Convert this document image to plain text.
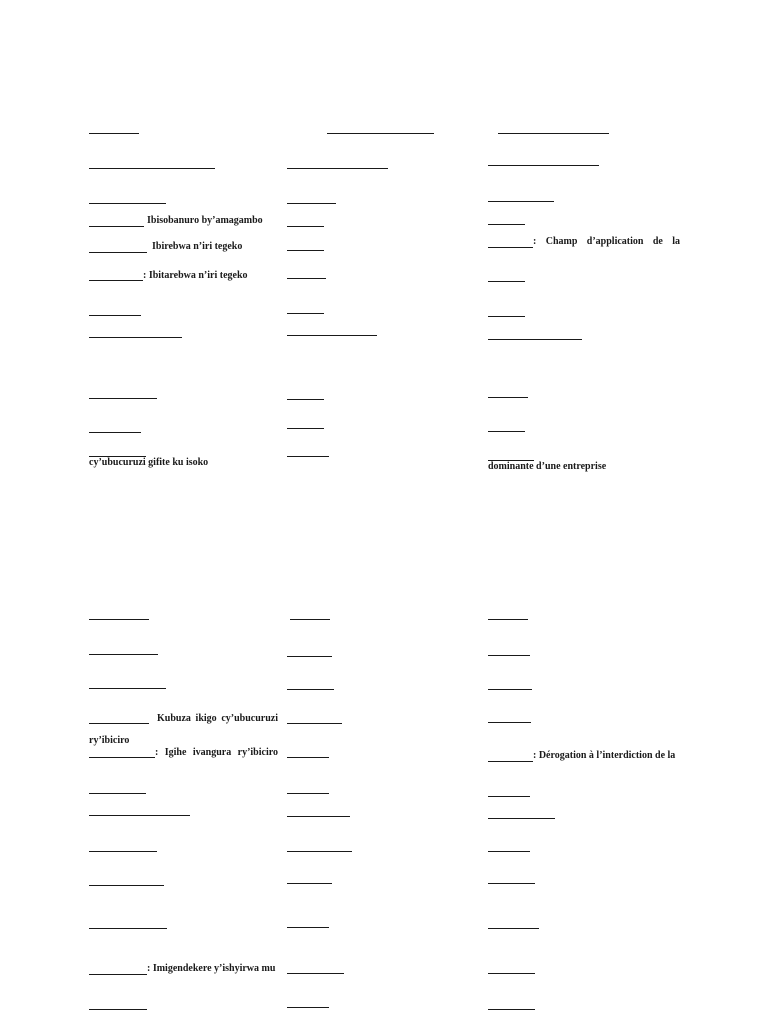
Ibisobanuro by’amagambo
Ibirebwa n’iri tegeko
: Ibitarebwa n’iri tegeko
cy’ubucuruzi gifite ku isoko
: Champ d’application de la
dominante d’une entreprise
Kubuza ikigo cy’ubucuruzi
ry’ibiciro
: Igihe ivangura ry’ibiciro
: Imigendekere y’ishyirwa mu
: Dérogation à l’interdiction de la
